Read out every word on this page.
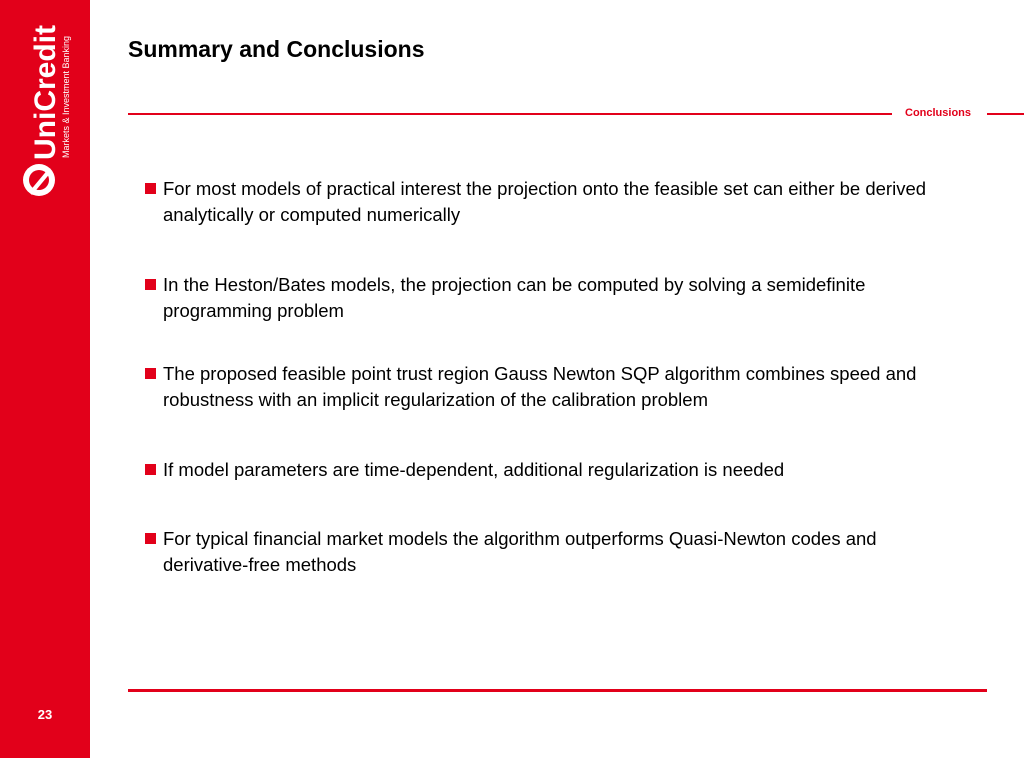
UniCredit Markets & Investment Banking
23
Summary and Conclusions
Conclusions
For most models of practical interest the projection onto the feasible set can either be derived analytically or computed numerically
In the Heston/Bates models, the projection can be computed by solving a semidefinite programming problem
The proposed feasible point trust region Gauss Newton SQP algorithm combines speed and robustness with an implicit regularization of the calibration problem
If model parameters are time-dependent, additional regularization is needed
For typical financial market models the algorithm outperforms Quasi-Newton codes and derivative-free methods
